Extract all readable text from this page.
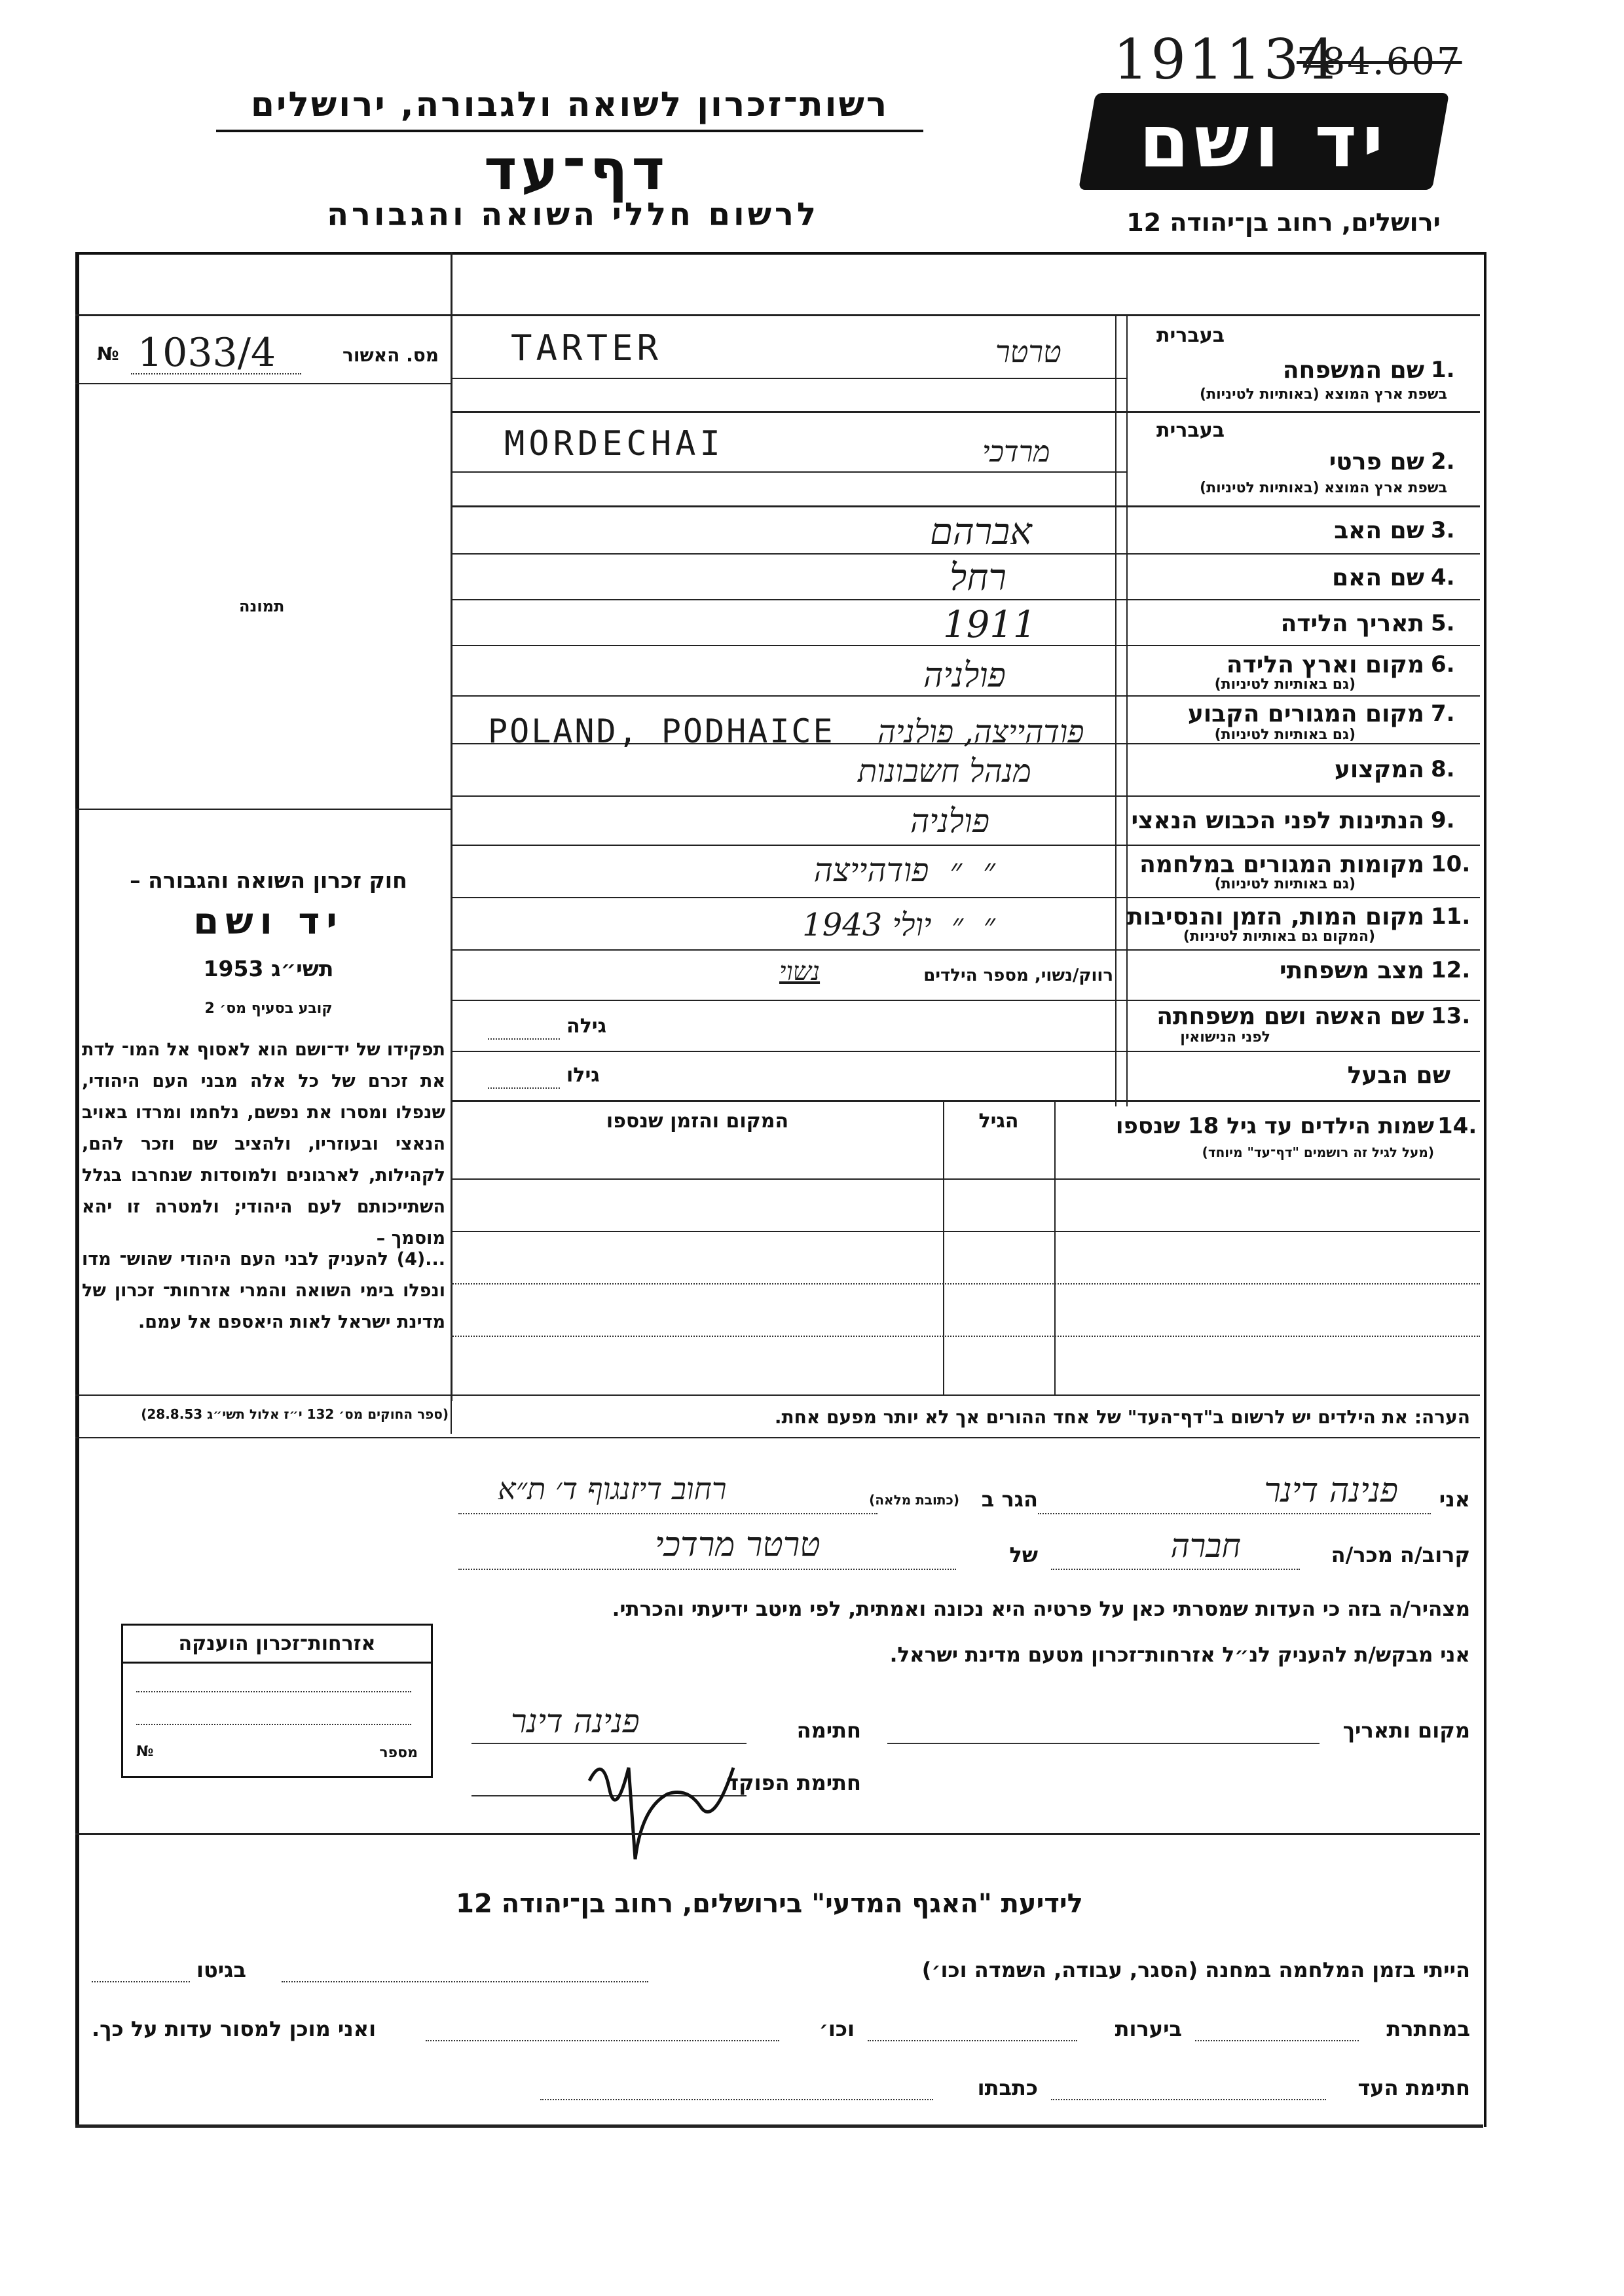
191134
784.607
רשות־זכרון לשואה ולגבורה, ירושלים	יד ושם
דף־עד
לרשום חללי השואה והגבורה	ירושלים, רחוב בן־יהודה 12
№ 1033/4	מס. האשור
תמונה
חוק זכרון השואה והגבורה –
יד ושם
תשי״ג 1953
קובע בסעיף מס׳ 2
תפקידו של יד־ושם הוא לאסוף אל המו־ לדת את זכרם של כל אלה מבני העם היהודי, שנפלו ומסרו את נפשם, נלחמו ומרדו באויב הנאצי ובעוזריו, ולהציב שם וזכר להם, לקהילות, לארגונים ולמוסדות שנחרבו בגלל השתייכותם לעם היהודי; ולמטרה זו יהא מוסמך –
...(4) להעניק לבני העם היהודי שהוש־ מדו ונפלו בימי השואה והמרי אזרחות־ זכרון של מדינת ישראל לאות היאספם אל עמם.
(ספר החוקים מס׳ 132 י״ז אלול תשי״ג 28.8.53)
אזרחות־זכרון הוענקה
№	מספר
בעברית
שם המשפחה 1.
בשפת ארץ המוצא (באותיות לטיניות)
TARTER	טרטר
בעברית
שם פרטי 2.
בשפת ארץ המוצא (באותיות לטיניות)
MORDECHAI	מרדכי
שם האב 3.
אברהם
שם האם 4.
רחל
תאריך הלידה 5.
1911
מקום וארץ הלידה 6.
(גם באותיות לטיניות)
פולניה
מקום המגורים הקבוע 7.
(גם באותיות לטיניות)
POLAND, PODHAICE פודהייצה, פולניה
המקצוע 8.
מנהל חשבונות
הנתינות לפני הכבוש הנאצי 9.
פולניה
מקומות המגורים במלחמה 10.
(גם באותיות לטיניות)
״  ״  פודהייצה
מקום המות, הזמן והנסיבות 11.
(המקום גם באותיות לטיניות)
״  ״  יולי 1943
מצב משפחתי 12.
רווק/נשוי, מספר הילדים
נשוי
שם האשה ושם משפחתה 13.
לפני הנישואין
גילה
שם הבעל
גילו
שמות הילדים עד גיל 18 שנספו 14.
(מעל לגיל זה רושמים "דף־עד" מיוחד)
הגיל
המקום והזמן שנספו
הערה: את הילדים יש לרשום ב"דף־העד" של אחד ההורים אך לא יותר מפעם אחת.
אני
פנינה דינר
הגר ב
(כתובת מלאה)
רחוב דיזנגוף ד׳ ת״א
קרוב/ה מכר/ה
חברה
של
טרטר מרדכי
מצהיר/ה בזה כי העדות שמסרתי כאן על פרטיה היא נכונה ואמתית, לפי מיטב ידיעתי והכרתי.
אני מבקש/ת להעניק לנ״ל אזרחות־זכרון מטעם מדינת ישראל.
מקום ותאריך
חתימה
פנינה דינר
חתימת הפוקד
לידיעת "האגף המדעי" בירושלים, רחוב בן־יהודה 12
הייתי בזמן המלחמה במחנה (הסגר, עבודה, השמדה וכו׳)
בגיטו
במחתרת
ביערות
וכו׳
ואני מוכן למסור עדות על כך.
חתימת העד
כתבתו
